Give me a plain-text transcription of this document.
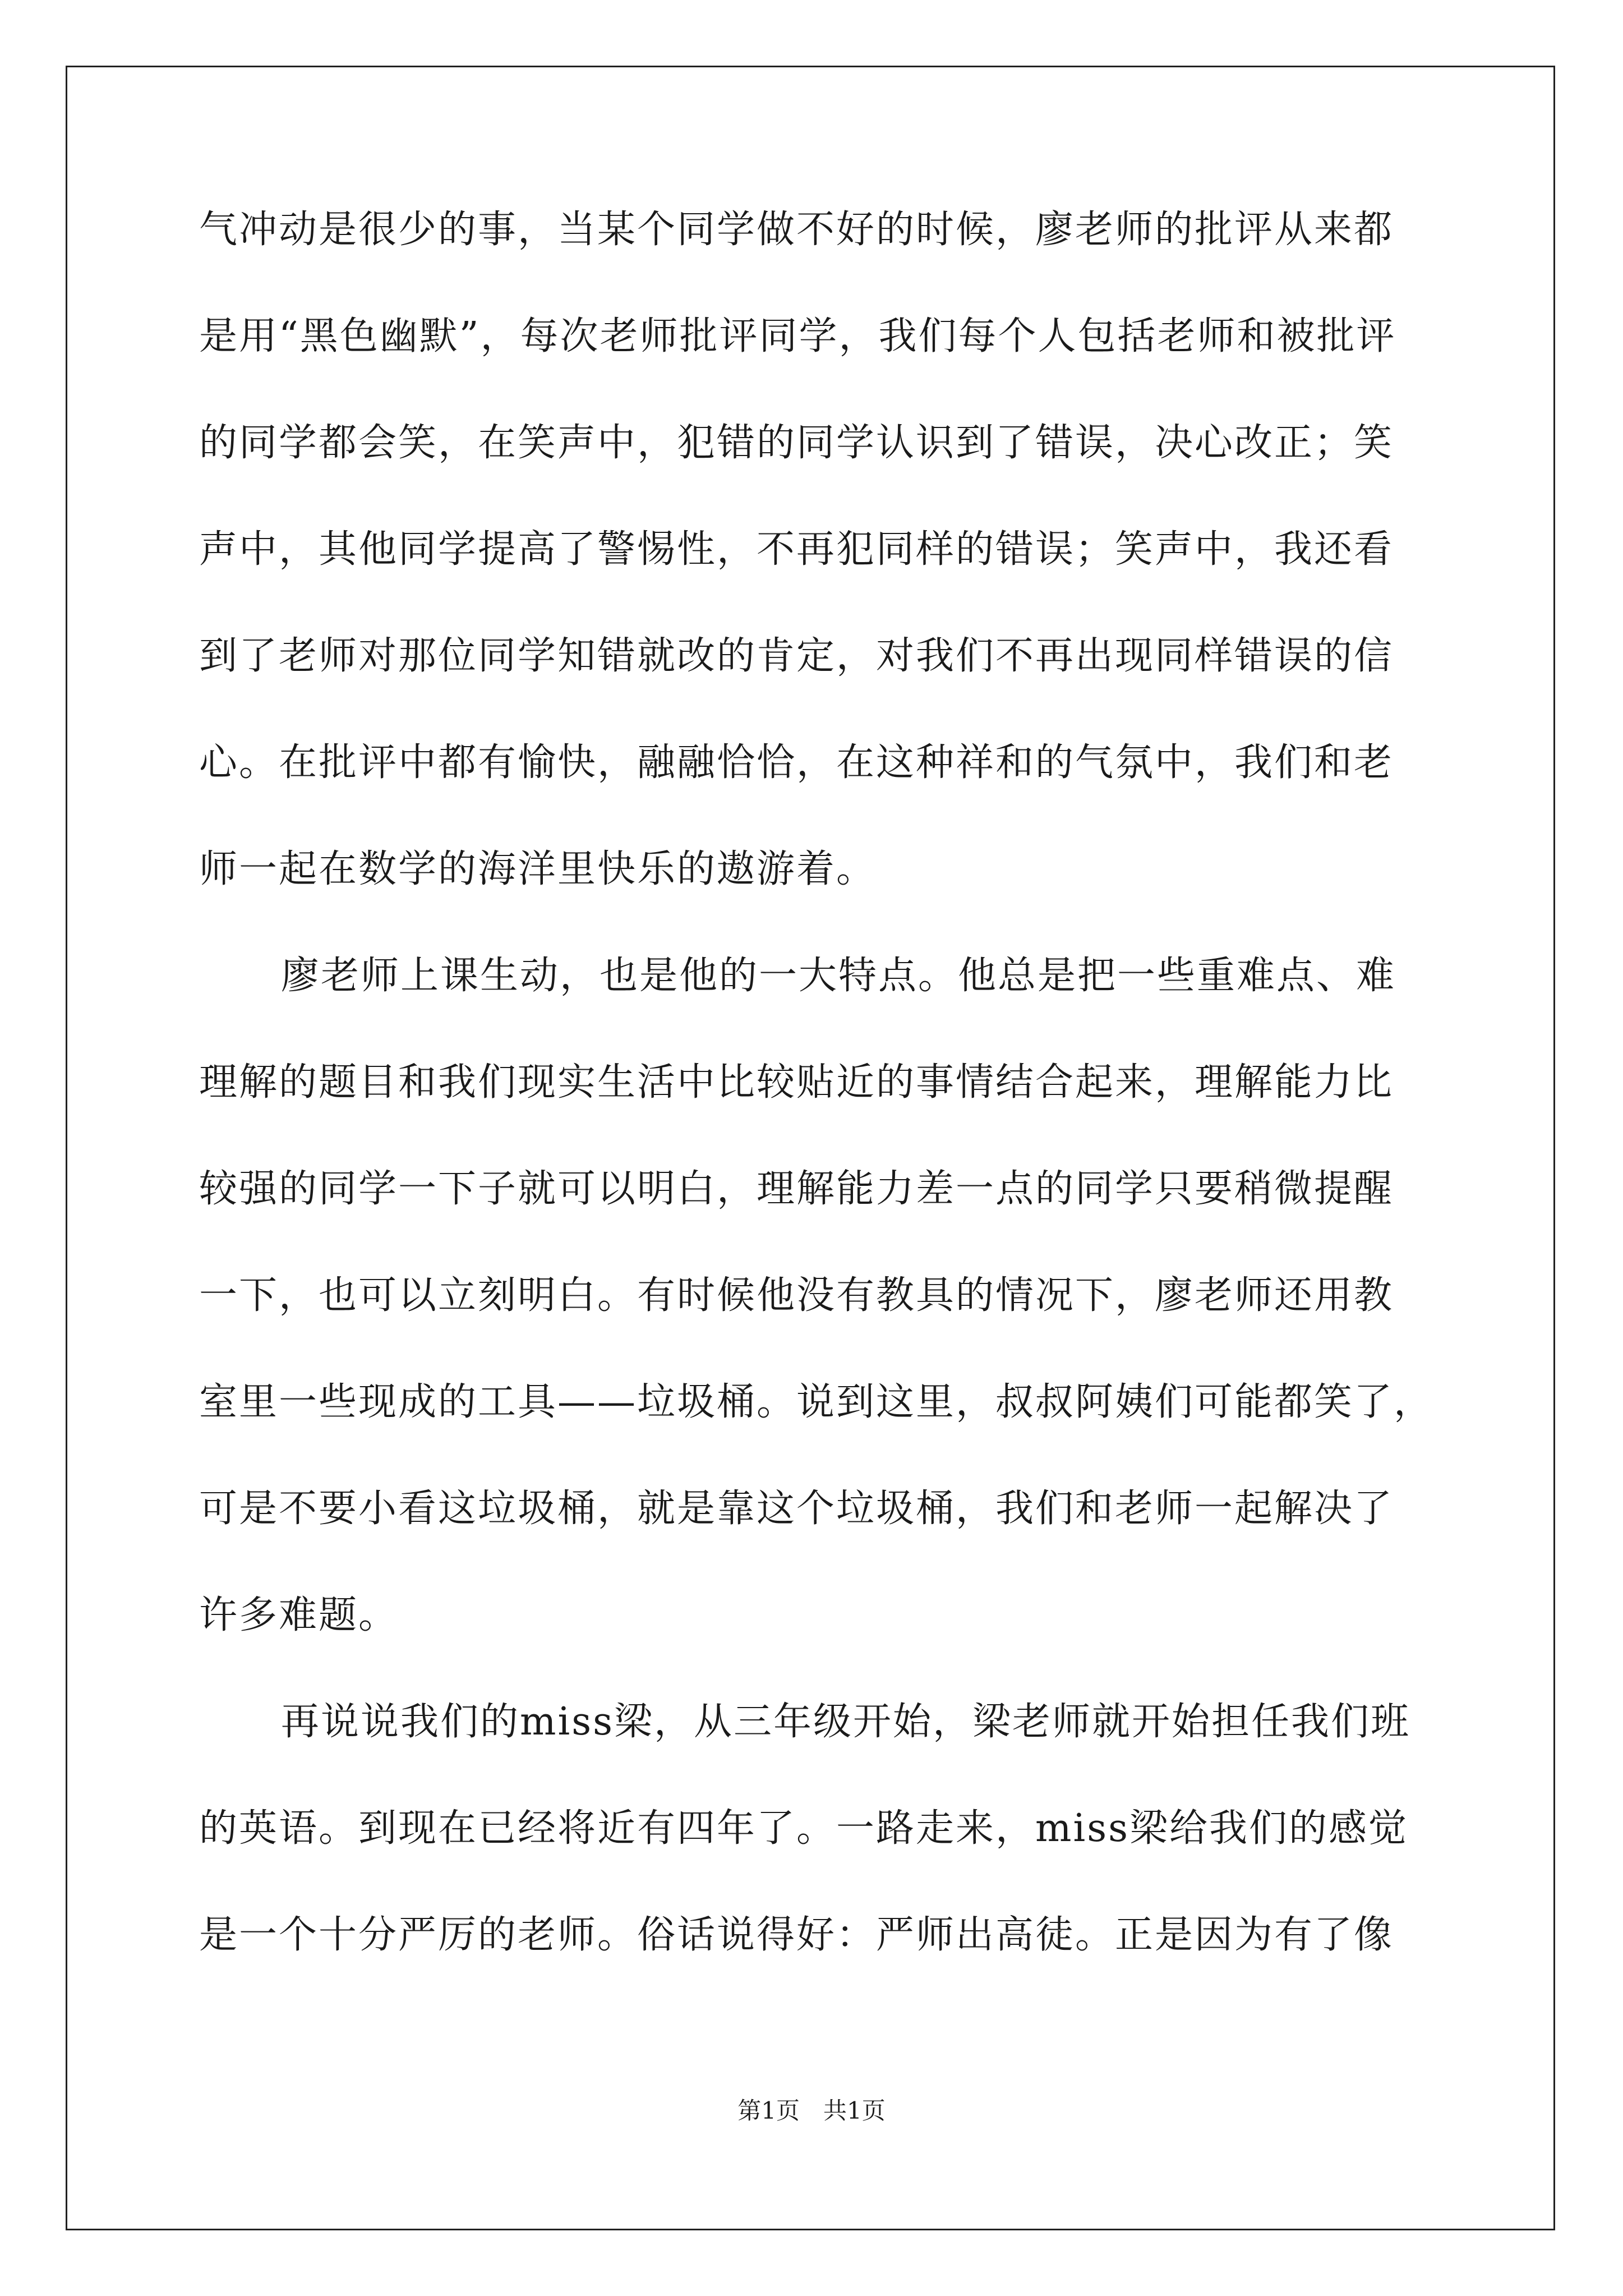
气冲动是很少的事，当某个同学做不好的时候，廖老师的批评从来都
是用“黑色幽默”，每次老师批评同学，我们每个人包括老师和被批评
的同学都会笑，在笑声中，犯错的同学认识到了错误，决心改正；笑
声中，其他同学提高了警惕性，不再犯同样的错误；笑声中，我还看
到了老师对那位同学知错就改的肯定，对我们不再出现同样错误的信
心。在批评中都有愉快，融融恰恰，在这种祥和的气氛中，我们和老
师一起在数学的海洋里快乐的遨游着。
廖老师上课生动，也是他的一大特点。他总是把一些重难点、难
理解的题目和我们现实生活中比较贴近的事情结合起来，理解能力比
较强的同学一下子就可以明白，理解能力差一点的同学只要稍微提醒
一下，也可以立刻明白。有时候他没有教具的情况下，廖老师还用教
室里一些现成的工具——垃圾桶。说到这里，叔叔阿姨们可能都笑了，
可是不要小看这垃圾桶，就是靠这个垃圾桶，我们和老师一起解决了
许多难题。
再说说我们的miss梁，从三年级开始，梁老师就开始担任我们班
的英语。到现在已经将近有四年了。一路走来，miss梁给我们的感觉
是一个十分严厉的老师。俗话说得好：严师出高徒。正是因为有了像
第1页　共1页
